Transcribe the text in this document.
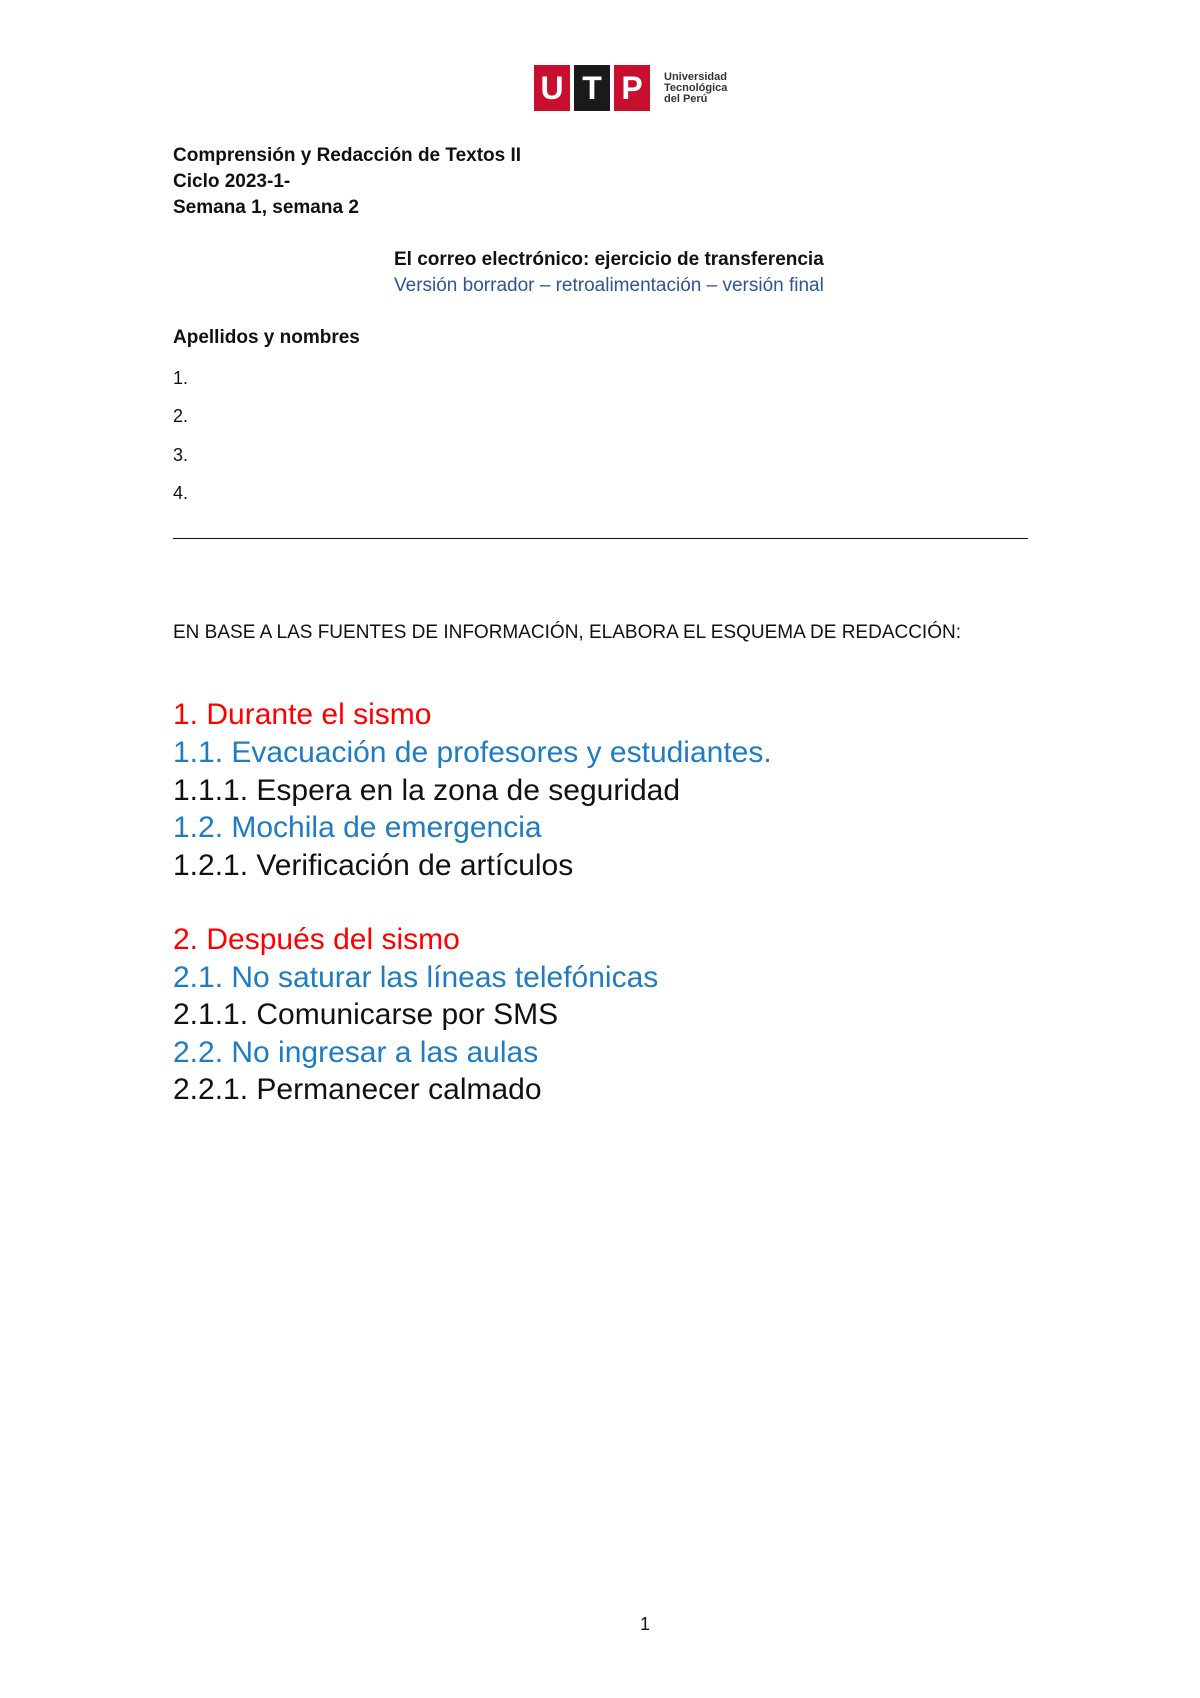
U T P	Universidad
Tecnológica
del Perú
Comprensión y Redacción de Textos II
Ciclo 2023-1-
Semana 1, semana 2
El correo electrónico: ejercicio de transferencia
Versión borrador – retroalimentación – versión final
Apellidos y nombres
1.
2.
3.
4.
EN BASE A LAS FUENTES DE INFORMACIÓN, ELABORA EL ESQUEMA DE REDACCIÓN:
1. Durante el sismo
1.1. Evacuación de profesores y estudiantes.
1.1.1. Espera en la zona de seguridad
1.2. Mochila de emergencia
1.2.1. Verificación de artículos
2. Después del sismo
2.1. No saturar las líneas telefónicas
2.1.1. Comunicarse por SMS
2.2. No ingresar a las aulas
2.2.1. Permanecer calmado
1
